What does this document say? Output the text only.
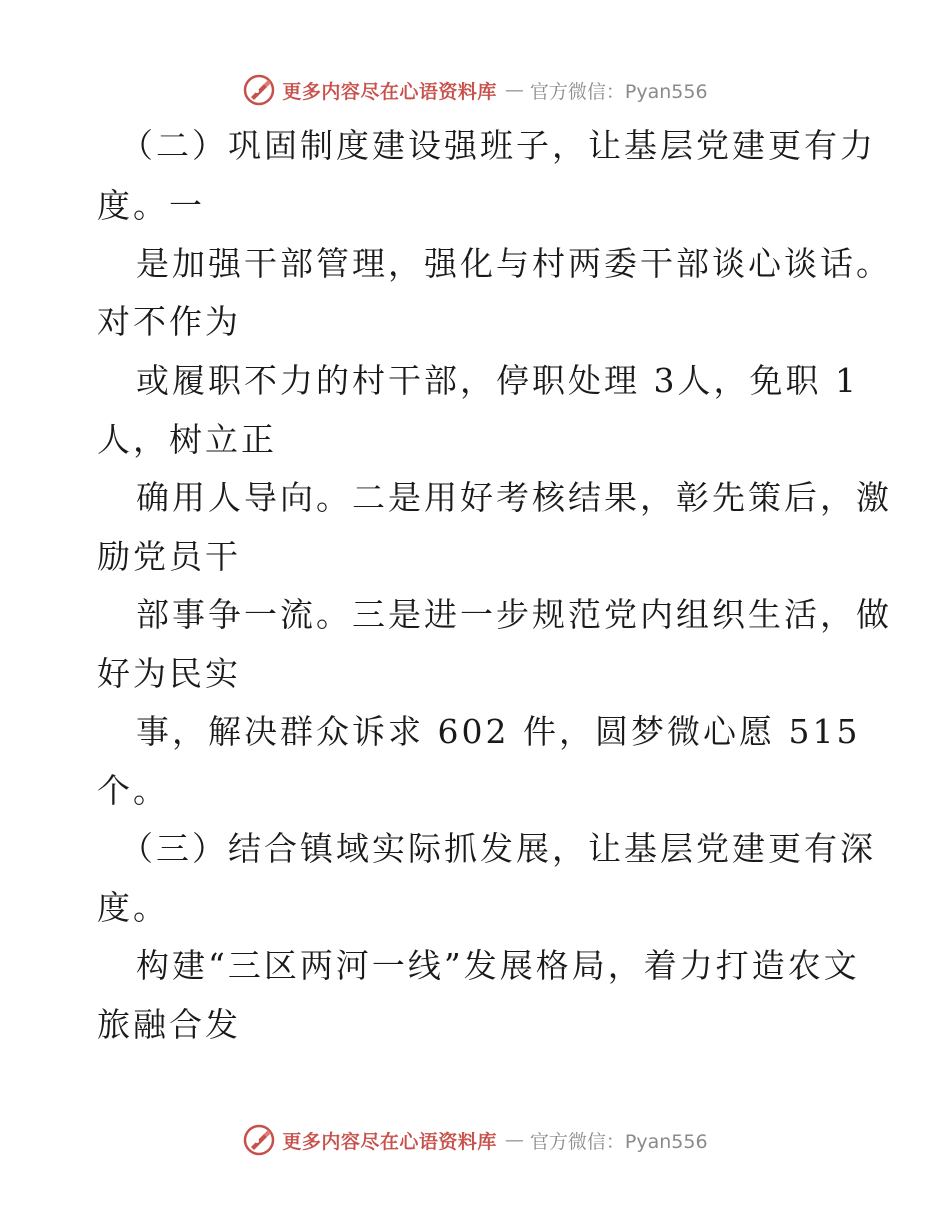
更多内容尽在心语资料库 — 官方微信：Pyan556

（二）巩固制度建设强班子，让基层党建更有力

度。一

是加强干部管理，强化与村两委干部谈心谈话。

对不作为

或履职不力的村干部，停职处理 3人，免职 1

人，树立正

确用人导向。二是用好考核结果，彰先策后，激

励党员干

部事争一流。三是进一步规范党内组织生活，做

好为民实

事，解决群众诉求 602 件，圆梦微心愿 515

个。

（三）结合镇域实际抓发展，让基层党建更有深

度。

构建“三区两河一线”发展格局，着力打造农文

旅融合发

更多内容尽在心语资料库 — 官方微信：Pyan556
